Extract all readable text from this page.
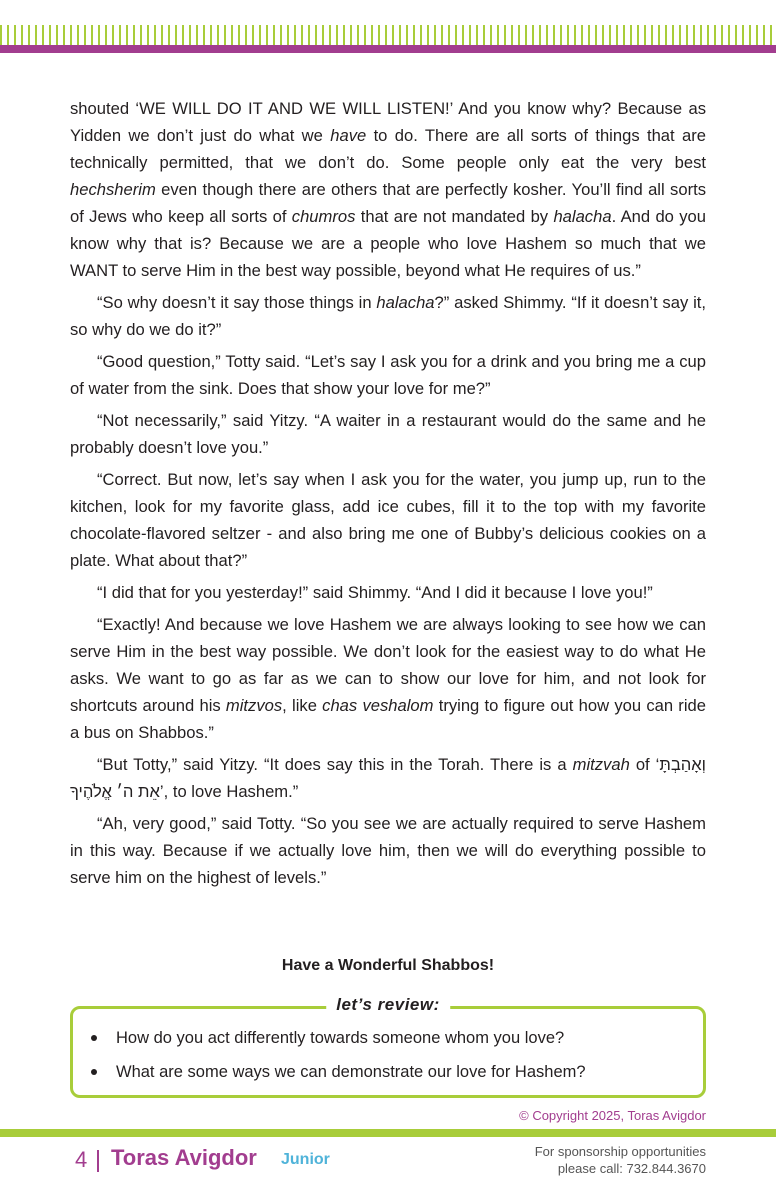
shouted ‘WE WILL DO IT AND WE WILL LISTEN!’ And you know why? Because as Yidden we don’t just do what we have to do. There are all sorts of things that are technically permitted, that we don’t do. Some people only eat the very best hechsherim even though there are others that are perfectly kosher. You’ll find all sorts of Jews who keep all sorts of chumros that are not mandated by halacha. And do you know why that is? Because we are a people who love Hashem so much that we WANT to serve Him in the best way possible, beyond what He requires of us.”

“So why doesn’t it say those things in halacha?” asked Shimmy. “If it doesn’t say it, so why do we do it?”

“Good question,” Totty said. “Let’s say I ask you for a drink and you bring me a cup of water from the sink. Does that show your love for me?”

“Not necessarily,” said Yitzy. “A waiter in a restaurant would do the same and he probably doesn’t love you.”

“Correct. But now, let’s say when I ask you for the water, you jump up, run to the kitchen, look for my favorite glass, add ice cubes, fill it to the top with my favorite chocolate-flavored seltzer - and also bring me one of Bubby’s delicious cookies on a plate. What about that?”

“I did that for you yesterday!” said Shimmy. “And I did it because I love you!”

“Exactly! And because we love Hashem we are always looking to see how we can serve Him in the best way possible. We don’t look for the easiest way to do what He asks. We want to go as far as we can to show our love for him, and not look for shortcuts around his mitzvos, like chas veshalom trying to figure out how you can ride a bus on Shabbos.”

“But Totty,” said Yitzy. “It does say this in the Torah. There is a mitzvah of ‘וְאָהַבְתָּ אֵת ה׳ אֱלֹהֶיךָ’, to love Hashem.”

“Ah, very good,” said Totty. “So you see we are actually required to serve Hashem in this way. Because if we actually love him, then we will do everything possible to serve him on the highest of levels.”

Have a Wonderful Shabbos!
let’s review:
How do you act differently towards someone whom you love?
What are some ways we can demonstrate our love for Hashem?
© Copyright 2025, Toras Avigdor
4 Toras Avigdor Junior	For sponsorship opportunities
please call: 732.844.3670
